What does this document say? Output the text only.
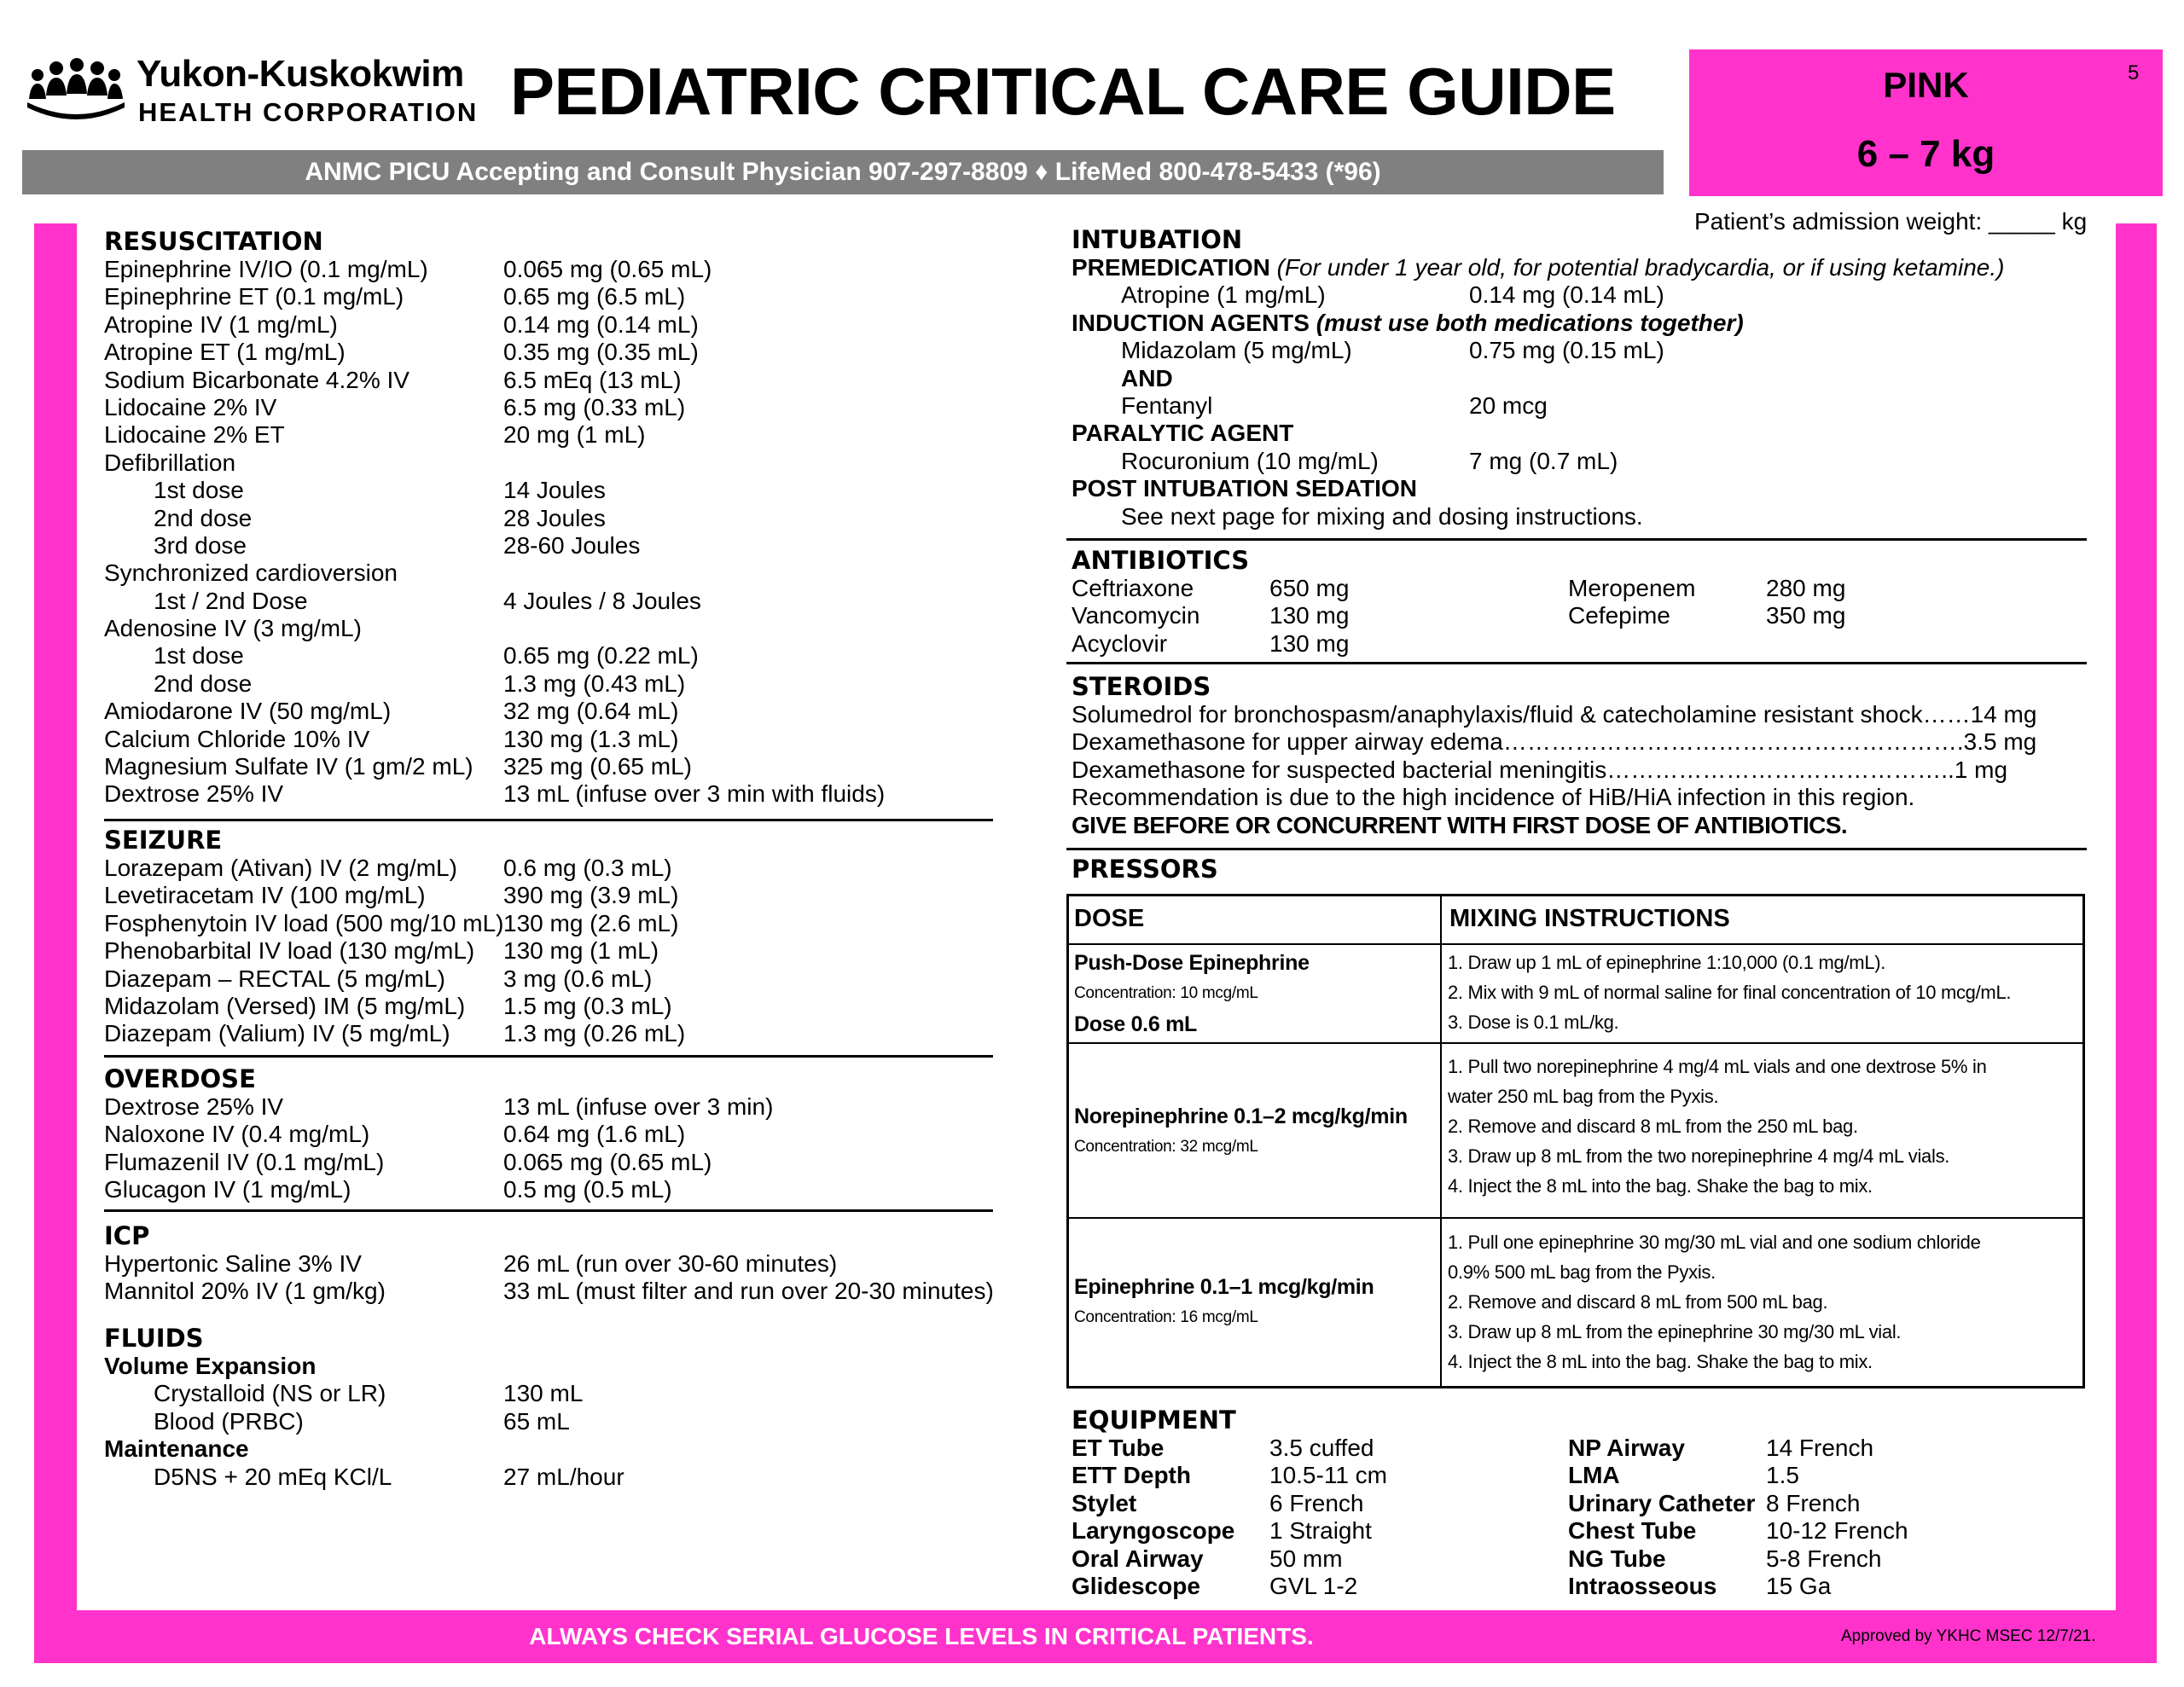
Yukon-Kuskokwim
HEALTH CORPORATION PEDIATRIC CRITICAL CARE GUIDE
ANMC PICU Accepting and Consult Physician 907-297-8809 ♦ LifeMed 800-478-5433 (*96)
PINK
6 – 7 kg
5
Patient’s admission weight: _____ kg
RESUSCITATION
Epinephrine IV/IO (0.1 mg/mL)	0.065 mg (0.65 mL)
Epinephrine ET (0.1 mg/mL)	0.65 mg (6.5 mL)
Atropine IV (1 mg/mL)	0.14 mg (0.14 mL)
Atropine ET (1 mg/mL)	0.35 mg (0.35 mL)
Sodium Bicarbonate 4.2% IV	6.5 mEq (13 mL)
Lidocaine 2% IV	6.5 mg (0.33 mL)
Lidocaine 2% ET	20 mg (1 mL)
Defibrillation
1st dose	14 Joules
2nd dose	28 Joules
3rd dose	28-60 Joules
Synchronized cardioversion
1st / 2nd Dose	4 Joules / 8 Joules
Adenosine IV (3 mg/mL)
1st dose	0.65 mg (0.22 mL)
2nd dose	1.3 mg (0.43 mL)
Amiodarone IV (50 mg/mL)	32 mg (0.64 mL)
Calcium Chloride 10% IV	130 mg (1.3 mL)
Magnesium Sulfate IV (1 gm/2 mL) 325 mg (0.65 mL)
Dextrose 25% IV	13 mL (infuse over 3 min with fluids)
SEIZURE
Lorazepam (Ativan) IV (2 mg/mL) 0.6 mg (0.3 mL)
Levetiracetam IV (100 mg/mL)	390 mg (3.9 mL)
Fosphenytoin IV load (500 mg/10 mL) 130 mg (2.6 mL)
Phenobarbital IV load (130 mg/mL) 130 mg (1 mL)
Diazepam – RECTAL (5 mg/mL) 3 mg (0.6 mL)
Midazolam (Versed) IM (5 mg/mL) 1.5 mg (0.3 mL)
Diazepam (Valium) IV (5 mg/mL) 1.3 mg (0.26 mL)
OVERDOSE
Dextrose 25% IV	13 mL (infuse over 3 min)
Naloxone IV (0.4 mg/mL)	0.64 mg (1.6 mL)
Flumazenil IV (0.1 mg/mL)	0.065 mg (0.65 mL)
Glucagon IV (1 mg/mL)	0.5 mg (0.5 mL)
ICP
Hypertonic Saline 3% IV	26 mL (run over 30-60 minutes)
Mannitol 20% IV (1 gm/kg)	33 mL (must filter and run over 20-30 minutes)
FLUIDS
Volume Expansion
Crystalloid (NS or LR)	130 mL
Blood (PRBC)	65 mL
Maintenance
D5NS + 20 mEq KCl/L	27 mL/hour
INTUBATION
PREMEDICATION (For under 1 year old, for potential bradycardia, or if using ketamine.)
Atropine (1 mg/mL)	0.14 mg (0.14 mL)
INDUCTION AGENTS (must use both medications together)
Midazolam (5 mg/mL)	0.75 mg (0.15 mL)
AND
Fentanyl	20 mcg
PARALYTIC AGENT
Rocuronium (10 mg/mL)	7 mg (0.7 mL)
POST INTUBATION SEDATION
See next page for mixing and dosing instructions.
ANTIBIOTICS
Ceftriaxone	650 mg
Vancomycin	130 mg
Acyclovir	130 mg
Meropenem	280 mg
Cefepime	350 mg
STEROIDS
Solumedrol for bronchospasm/anaphylaxis/fluid & catecholamine resistant shock……14 mg
Dexamethasone for upper airway edema………………………………………………….3.5 mg
Dexamethasone for suspected bacterial meningitis……………………………………..1 mg
Recommendation is due to the high incidence of HiB/HiA infection in this region.
GIVE BEFORE OR CONCURRENT WITH FIRST DOSE OF ANTIBIOTICS.
PRESSORS
DOSE	MIXING INSTRUCTIONS
Push-Dose Epinephrine
Concentration: 10 mcg/mL
Dose 0.6 mL
1. Draw up 1 mL of epinephrine 1:10,000 (0.1 mg/mL).
2. Mix with 9 mL of normal saline for final concentration of 10 mcg/mL.
3. Dose is 0.1 mL/kg.
Norepinephrine 0.1–2 mcg/kg/min
Concentration: 32 mcg/mL
1. Pull two norepinephrine 4 mg/4 mL vials and one dextrose 5% in
water 250 mL bag from the Pyxis.
2. Remove and discard 8 mL from the 250 mL bag.
3. Draw up 8 mL from the two norepinephrine 4 mg/4 mL vials.
4. Inject the 8 mL into the bag. Shake the bag to mix.
Epinephrine 0.1–1 mcg/kg/min
Concentration: 16 mcg/mL
1. Pull one epinephrine 30 mg/30 mL vial and one sodium chloride
0.9% 500 mL bag from the Pyxis.
2. Remove and discard 8 mL from 500 mL bag.
3. Draw up 8 mL from the epinephrine 30 mg/30 mL vial.
4. Inject the 8 mL into the bag. Shake the bag to mix.
EQUIPMENT
ET Tube	3.5 cuffed
ETT Depth	10.5-11 cm
Stylet	6 French
Laryngoscope 1 Straight
Oral Airway	50 mm
Glidescope	GVL 1-2
NP Airway	14 French
LMA	1.5
Urinary Catheter 8 French
Chest Tube	10-12 French
NG Tube	5-8 French
Intraosseous 15 Ga
ALWAYS CHECK SERIAL GLUCOSE LEVELS IN CRITICAL PATIENTS.	Approved by YKHC MSEC 12/7/21.
